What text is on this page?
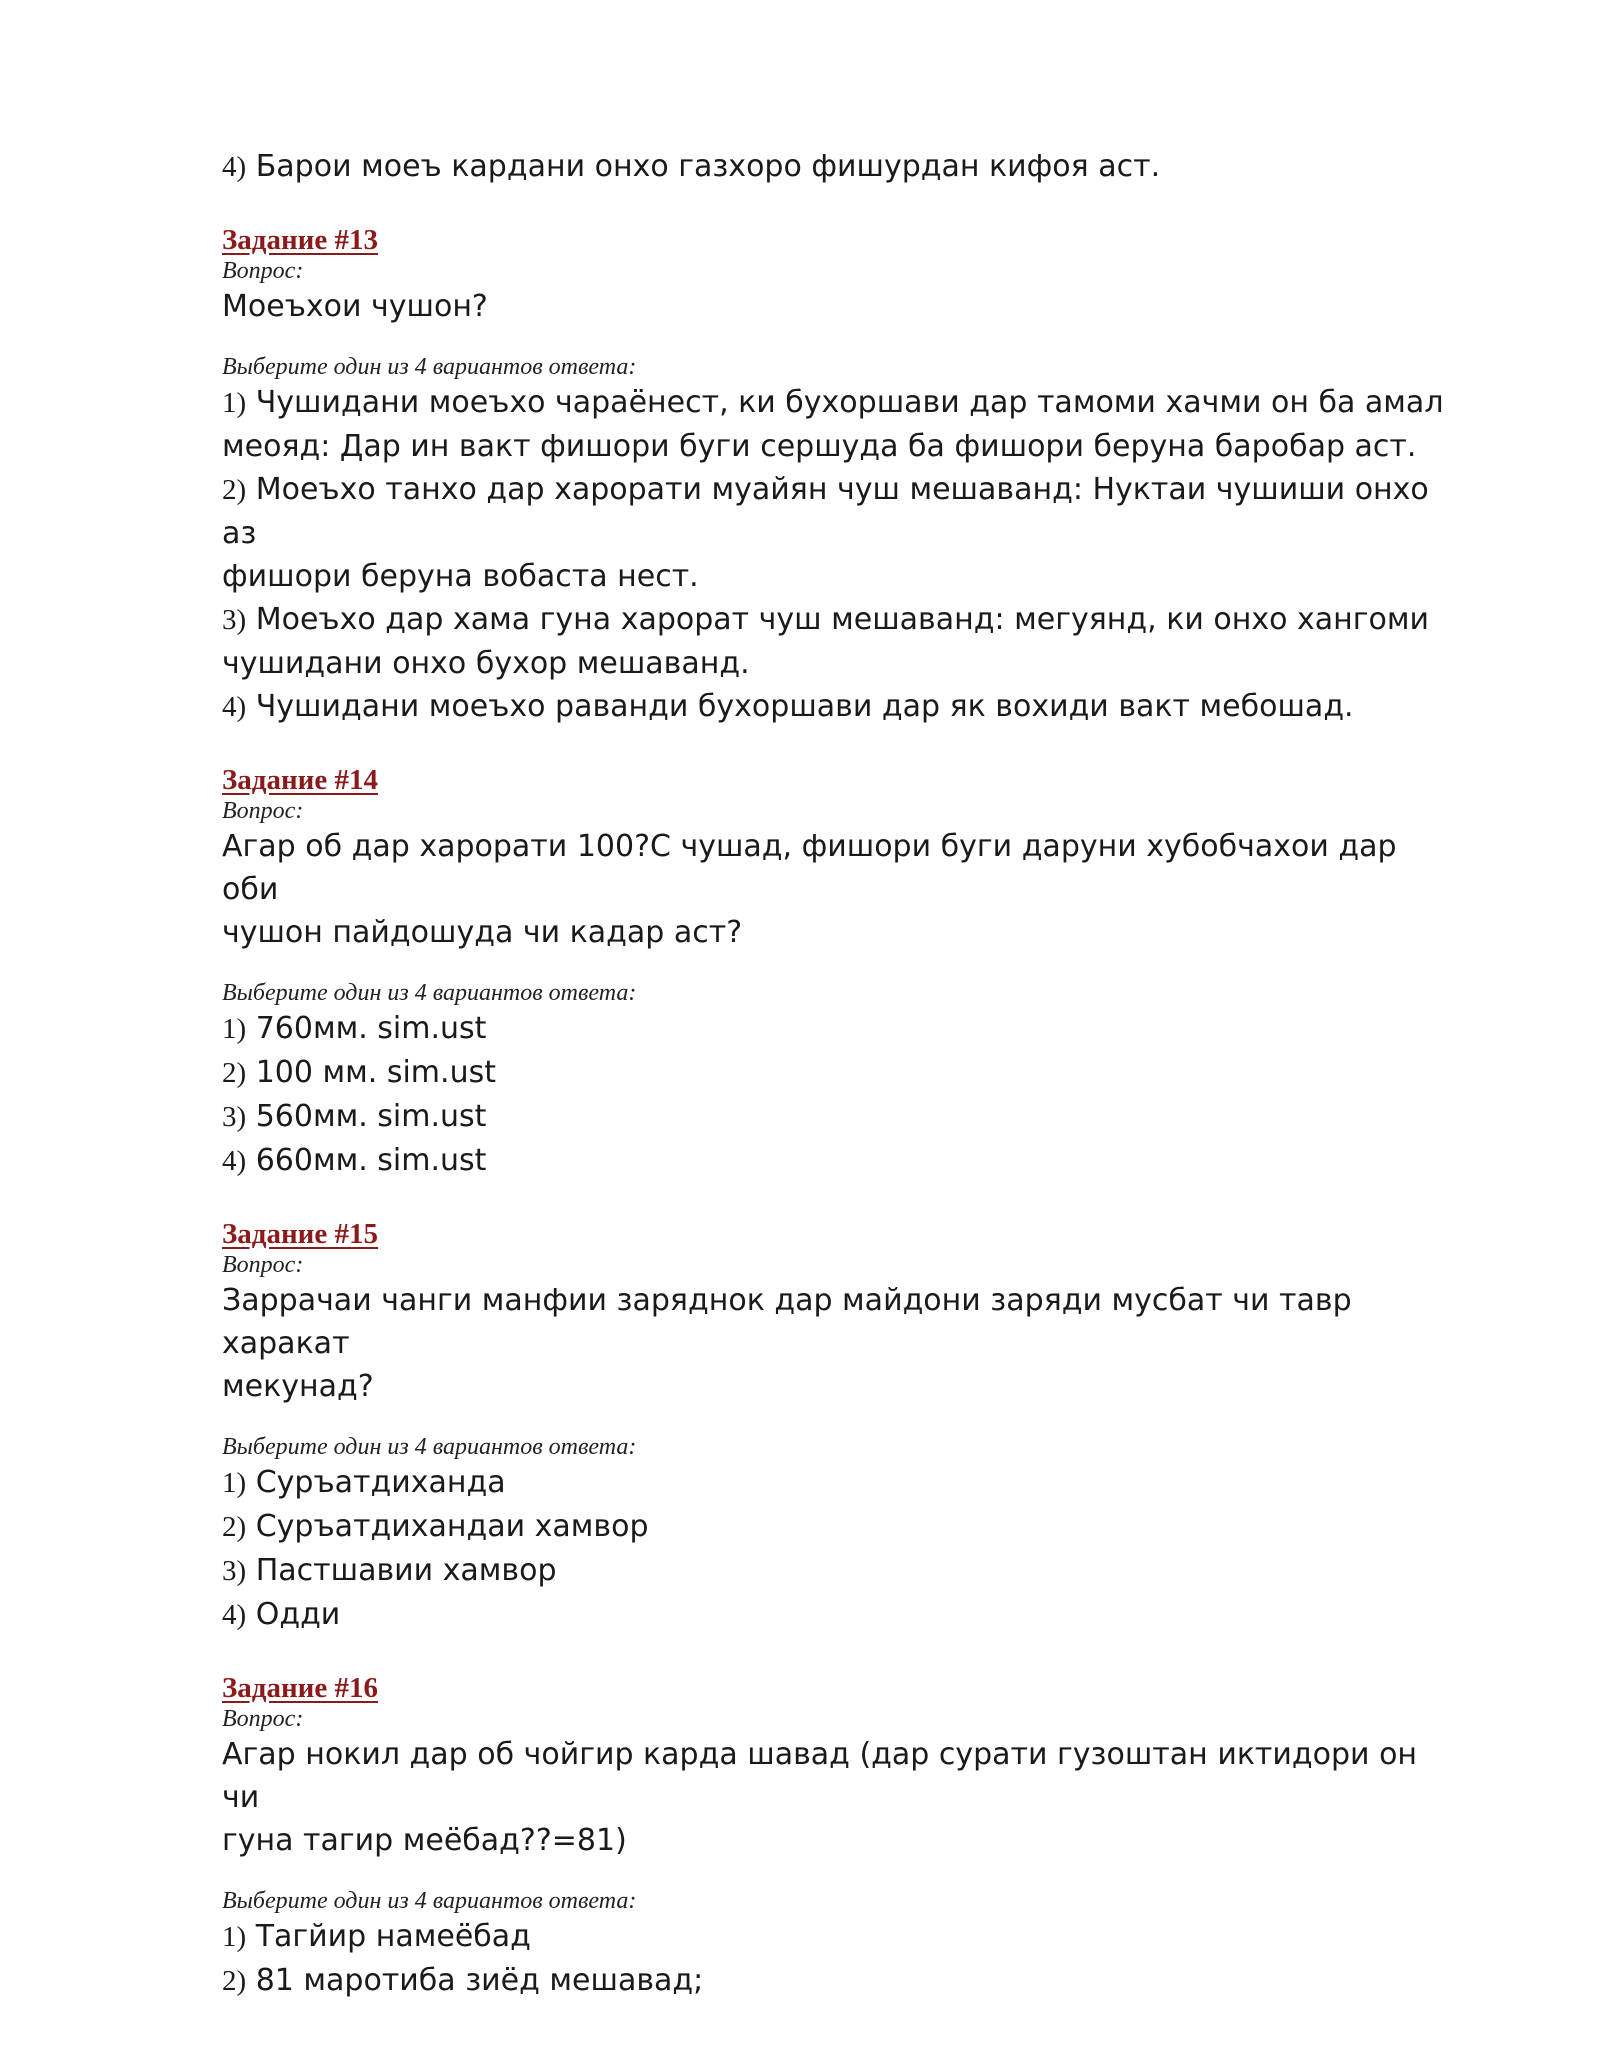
4) Барои моеъ кардани онхо газхоро фишурдан кифоя аст.

Задание #13

Вопрос:

Моеъхои чушон?

Выберите один из 4 вариантов ответа:

1) Чушидани моеъхо чараёнест, ки бухоршави дар тамоми хачми он ба амал

меояд: Дар ин вакт фишори буги сершуда ба фишори беруна баробар аст.

2) Моеъхо танхо дар харорати муайян чуш мешаванд: Нуктаи чушиши онхо аз

фишори беруна вобаста нест.

3) Моеъхо дар хама гуна харорат чуш мешаванд: мегуянд, ки онхо хангоми

чушидани онхо бухор мешаванд.

4) Чушидани моеъхо раванди бухоршави дар як вохиди вакт мебошад.

Задание #14

Вопрос:

Агар об дар харорати 100?С чушад, фишори буги даруни хубобчахои дар оби

чушон пайдошуда чи кадар аст?

Выберите один из 4 вариантов ответа:

1) 760мм. sim.ust

2) 100 мм. sim.ust

3) 560мм. sim.ust

4) 660мм. sim.ust

Задание #15

Вопрос:

Заррачаи чанги манфии заряднок дар майдони заряди мусбат чи тавр харакат

мекунад?

Выберите один из 4 вариантов ответа:

1) Суръатдиханда

2) Суръатдихандаи хамвор

3) Пастшавии хамвор

4) Одди

Задание #16

Вопрос:

Агар нокил дар об чойгир карда шавад (дар сурати гузоштан иктидори он чи

гуна тагир меёбад??=81)

Выберите один из 4 вариантов ответа:

1) Тагйир намеёбад

2) 81 маротиба зиёд мешавад;
